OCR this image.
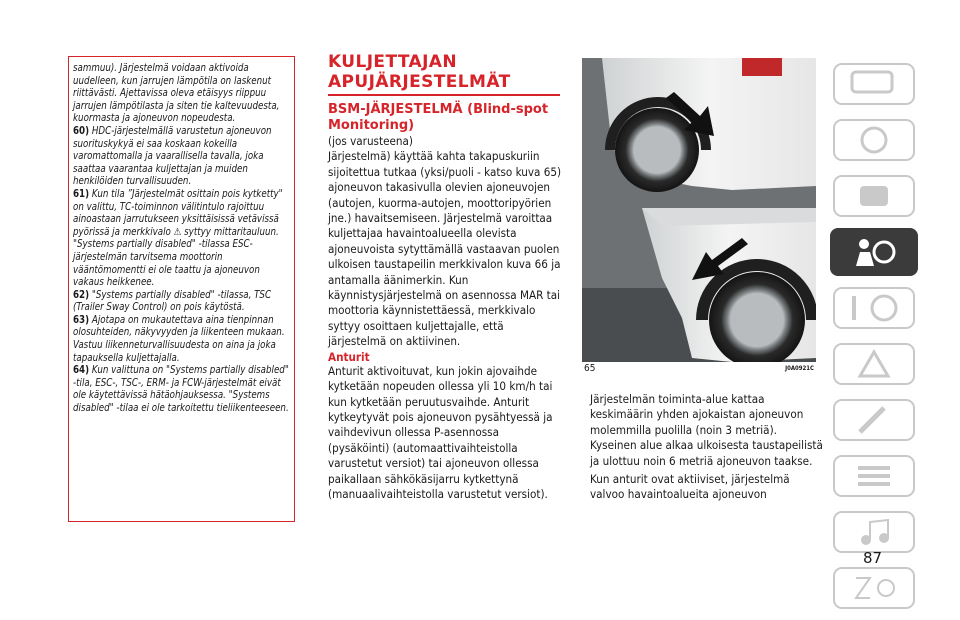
sammuu). Järjestelmä voidaan aktivoida uudelleen, kun jarrujen lämpötila on laskenut riittävästi. Ajettavissa oleva etäisyys riippuu jarrujen lämpötilasta ja siten tie kaltevuudesta, kuormasta ja ajoneuvon nopeudesta.

60) HDC-järjestelmällä varustetun ajoneuvon suorituskykyä ei saa koskaan kokeilla varomattomalla ja vaarallisella tavalla, joka saattaa vaarantaa kuljettajan ja muiden henkilöiden turvallisuuden.

61) Kun tila ”Järjestelmät osittain pois kytketty" on valittu, TC-toiminnon välitintulo rajoittuu ainoastaan jarrutukseen yksittäisissä vetävissä pyörissä ja merkkivalo ⚠ syttyy mittaritauluun. "Systems partially disabled" -tilassa ESC-järjestelmän tarvitsema moottorin vääntömomentti ei ole taattu ja ajoneuvon vakaus heikkenee.

62) "Systems partially disabled" -tilassa, TSC (Trailer Sway Control) on pois käytöstä.

63) Ajotapa on mukautettava aina tienpinnan olosuhteiden, näkyvyyden ja liikenteen mukaan. Vastuu liikenneturvallisuudesta on aina ja joka tapauksella kuljettajalla.

64) Kun valittuna on "Systems partially disabled" -tila, ESC-, TSC-, ERM- ja FCW-järjestelmät eivät ole käytettävissä hätäohjauksessa. "Systems disabled" -tilaa ei ole tarkoitettu tieliikenteeseen.

KULJETTAJAN
APUJÄRJESTELMÄT
BSM-JÄRJESTELMÄ (Blind-spot
Monitoring)

(jos varusteena)

Järjestelmä) käyttää kahta takapuskuriin sijoitettua tutkaa (yksi/puoli - katso kuva 65) ajoneuvon takasivulla olevien ajoneuvojen (autojen, kuorma-autojen, moottoripyörien jne.) havaitsemiseen. Järjestelmä varoittaa kuljettajaa havaintoalueella olevista ajoneuvoista sytyttämällä vastaavan puolen ulkoisen taustapeilin merkkivalon kuva 66 ja antamalla äänimerkin. Kun käynnistysjärjestelmä on asennossa MAR tai moottoria käynnistettäessä, merkkivalo syttyy osoittaen kuljettajalle, että järjestelmä on aktiivinen.

Anturit

Anturit aktivoituvat, kun jokin ajovaihde kytketään nopeuden ollessa yli 10 km/h tai kun kytketään peruutusvaihde. Anturit kytkeytyvät pois ajoneuvon pysähtyessä ja vaihdevivun ollessa P-asennossa (pysäköinti) (automaattivaihteistolla varustetut versiot) tai ajoneuvon ollessa paikallaan sähkökäsijarru kytkettynä (manuaalivaihteistolla varustetut versiot).

65	J0A0921C

Järjestelmän toiminta-alue kattaa keskimäärin yhden ajokaistan ajoneuvon molemmilla puolilla (noin 3 metriä). Kyseinen alue alkaa ulkoisesta taustapeilistä ja ulottuu noin 6 metriä ajoneuvon taakse.

Kun anturit ovat aktiiviset, järjestelmä valvoo havaintoalueita ajoneuvon

87
